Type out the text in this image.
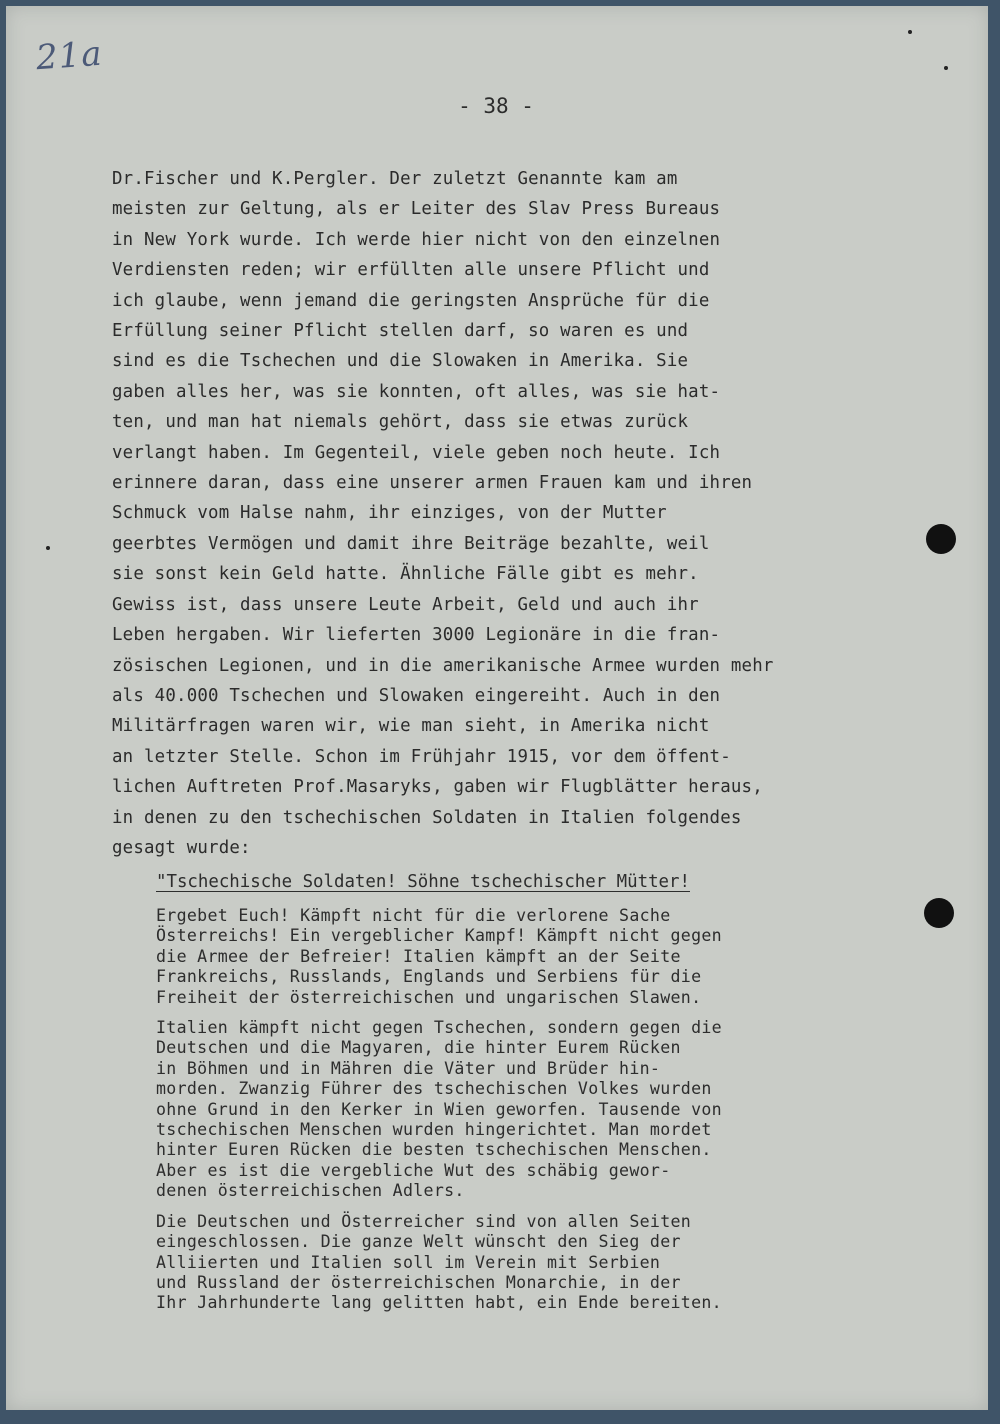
21a
- 38 -
Dr.Fischer und K.Pergler. Der zuletzt Genannte kam am
meisten zur Geltung, als er Leiter des Slav Press Bureaus
in New York wurde. Ich werde hier nicht von den einzelnen
Verdiensten reden; wir erfüllten alle unsere Pflicht und
ich glaube, wenn jemand die geringsten Ansprüche für die
Erfüllung seiner Pflicht stellen darf, so waren es und
sind es die Tschechen und die Slowaken in Amerika. Sie
gaben alles her, was sie konnten, oft alles, was sie hat-
ten, und man hat niemals gehört, dass sie etwas zurück
verlangt haben. Im Gegenteil, viele geben noch heute. Ich
erinnere daran, dass eine unserer armen Frauen kam und ihren
Schmuck vom Halse nahm, ihr einziges, von der Mutter
geerbtes Vermögen und damit ihre Beiträge bezahlte, weil
sie sonst kein Geld hatte. Ähnliche Fälle gibt es mehr.
Gewiss ist, dass unsere Leute Arbeit, Geld und auch ihr
Leben hergaben. Wir lieferten 3000 Legionäre in die fran-
zösischen Legionen, und in die amerikanische Armee wurden mehr
als 40.000 Tschechen und Slowaken eingereiht. Auch in den
Militärfragen waren wir, wie man sieht, in Amerika nicht
an letzter Stelle. Schon im Frühjahr 1915, vor dem öffent-
lichen Auftreten Prof.Masaryks, gaben wir Flugblätter heraus,
in denen zu den tschechischen Soldaten in Italien folgendes
gesagt wurde:
"Tschechische Soldaten! Söhne tschechischer Mütter!
Ergebet Euch! Kämpft nicht für die verlorene Sache
Österreichs! Ein vergeblicher Kampf! Kämpft nicht gegen
die Armee der Befreier! Italien kämpft an der Seite
Frankreichs, Russlands, Englands und Serbiens für die
Freiheit der österreichischen und ungarischen Slawen.
Italien kämpft nicht gegen Tschechen, sondern gegen die
Deutschen und die Magyaren, die hinter Eurem Rücken
in Böhmen und in Mähren die Väter und Brüder hin-
morden. Zwanzig Führer des tschechischen Volkes wurden
ohne Grund in den Kerker in Wien geworfen. Tausende von
tschechischen Menschen wurden hingerichtet. Man mordet
hinter Euren Rücken die besten tschechischen Menschen.
Aber es ist die vergebliche Wut des schäbig gewor-
denen österreichischen Adlers.
Die Deutschen und Österreicher sind von allen Seiten
eingeschlossen. Die ganze Welt wünscht den Sieg der
Alliierten und Italien soll im Verein mit Serbien
und Russland der österreichischen Monarchie, in der
Ihr Jahrhunderte lang gelitten habt, ein Ende bereiten.
